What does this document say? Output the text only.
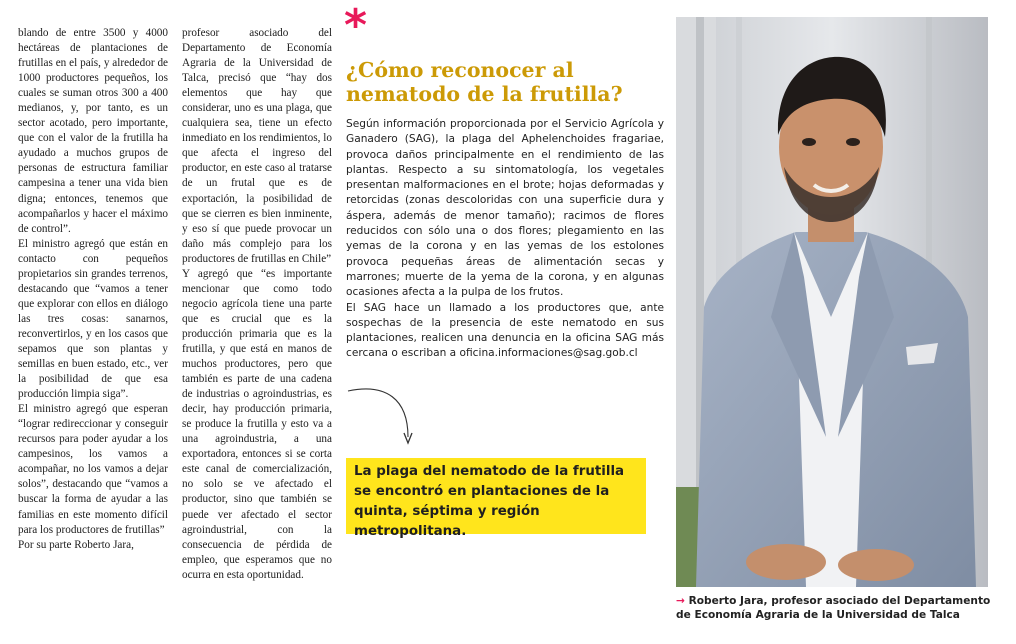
blando de entre 3500 y 4000 hectáreas de plantaciones de frutillas en el país, y alrededor de 1000 productores pequeños, los cuales se suman otros 300 a 400 medianos, y, por tanto, es un sector acotado, pero importante, que con el valor de la frutilla ha ayudado a muchos grupos de personas de estructura familiar campesina a tener una vida bien digna; entonces, tenemos que acompañarlos y hacer el máximo de control”.

El ministro agregó que están en contacto con pequeños propietarios sin grandes terrenos, destacando que “vamos a tener que explorar con ellos en diálogo las tres cosas: sanarnos, reconvertirlos, y en los casos que sepamos que son plantas y semillas en buen estado, etc., ver la posibilidad de que esa producción limpia siga”.

El ministro agregó que esperan “lograr redireccionar y conseguir recursos para poder ayudar a los campesinos, los vamos a acompañar, no los vamos a dejar solos”, destacando que “vamos a buscar la forma de ayudar a las familias en este momento difícil para los productores de frutillas”

Por su parte Roberto Jara,

profesor asociado del Departamento de Economía Agraria de la Universidad de Talca, precisó que “hay dos elementos que hay que considerar, uno es una plaga, que cualquiera sea, tiene un efecto inmediato en los rendimientos, lo que afecta el ingreso del productor, en este caso al tratarse de un frutal que es de exportación, la posibilidad de que se cierren es bien inminente, y eso sí que puede provocar un daño más complejo para los productores de frutillas en Chile”

Y agregó que “es importante mencionar que como todo negocio agrícola tiene una parte que es crucial que es la producción primaria que es la frutilla, y que está en manos de muchos productores, pero que también es parte de una cadena de industrias o agroindustrias, es decir, hay producción primaria, se produce la frutilla y esto va a una agroindustria, a una exportadora, entonces si se corta este canal de comercialización, no solo se ve afectado el productor, sino que también se puede ver afectado el sector agroindustrial, con la consecuencia de pérdida de empleo, que esperamos que no ocurra en esta oportunidad.

*
¿Cómo reconocer al nematodo de la frutilla?

Según información proporcionada por el Servicio Agrícola y Ganadero (SAG), la plaga del Aphelenchoides fragariae, provoca daños principalmente en el rendimiento de las plantas. Respecto a su sintomatología, los vegetales presentan malformaciones en el brote; hojas deformadas y retorcidas (zonas descoloridas con una superficie dura y áspera, además de menor tamaño); racimos de flores reducidos con sólo una o dos flores; plegamiento en las yemas de la corona y en las yemas de los estolones provoca pequeñas áreas de alimentación secas y marrones; muerte de la yema de la corona, y en algunas ocasiones afecta a la pulpa de los frutos.

El SAG hace un llamado a los productores que, ante sospechas de la presencia de este nematodo en sus plantaciones, realicen una denuncia en la oficina SAG más cercana o escriban a oficina.informaciones@sag.gob.cl

La plaga del nematodo de la frutilla se encontró en plantaciones de la quinta, séptima y región metropolitana.
→ Roberto Jara, profesor asociado del Departamento de Economía Agraria de la Universidad de Talca
